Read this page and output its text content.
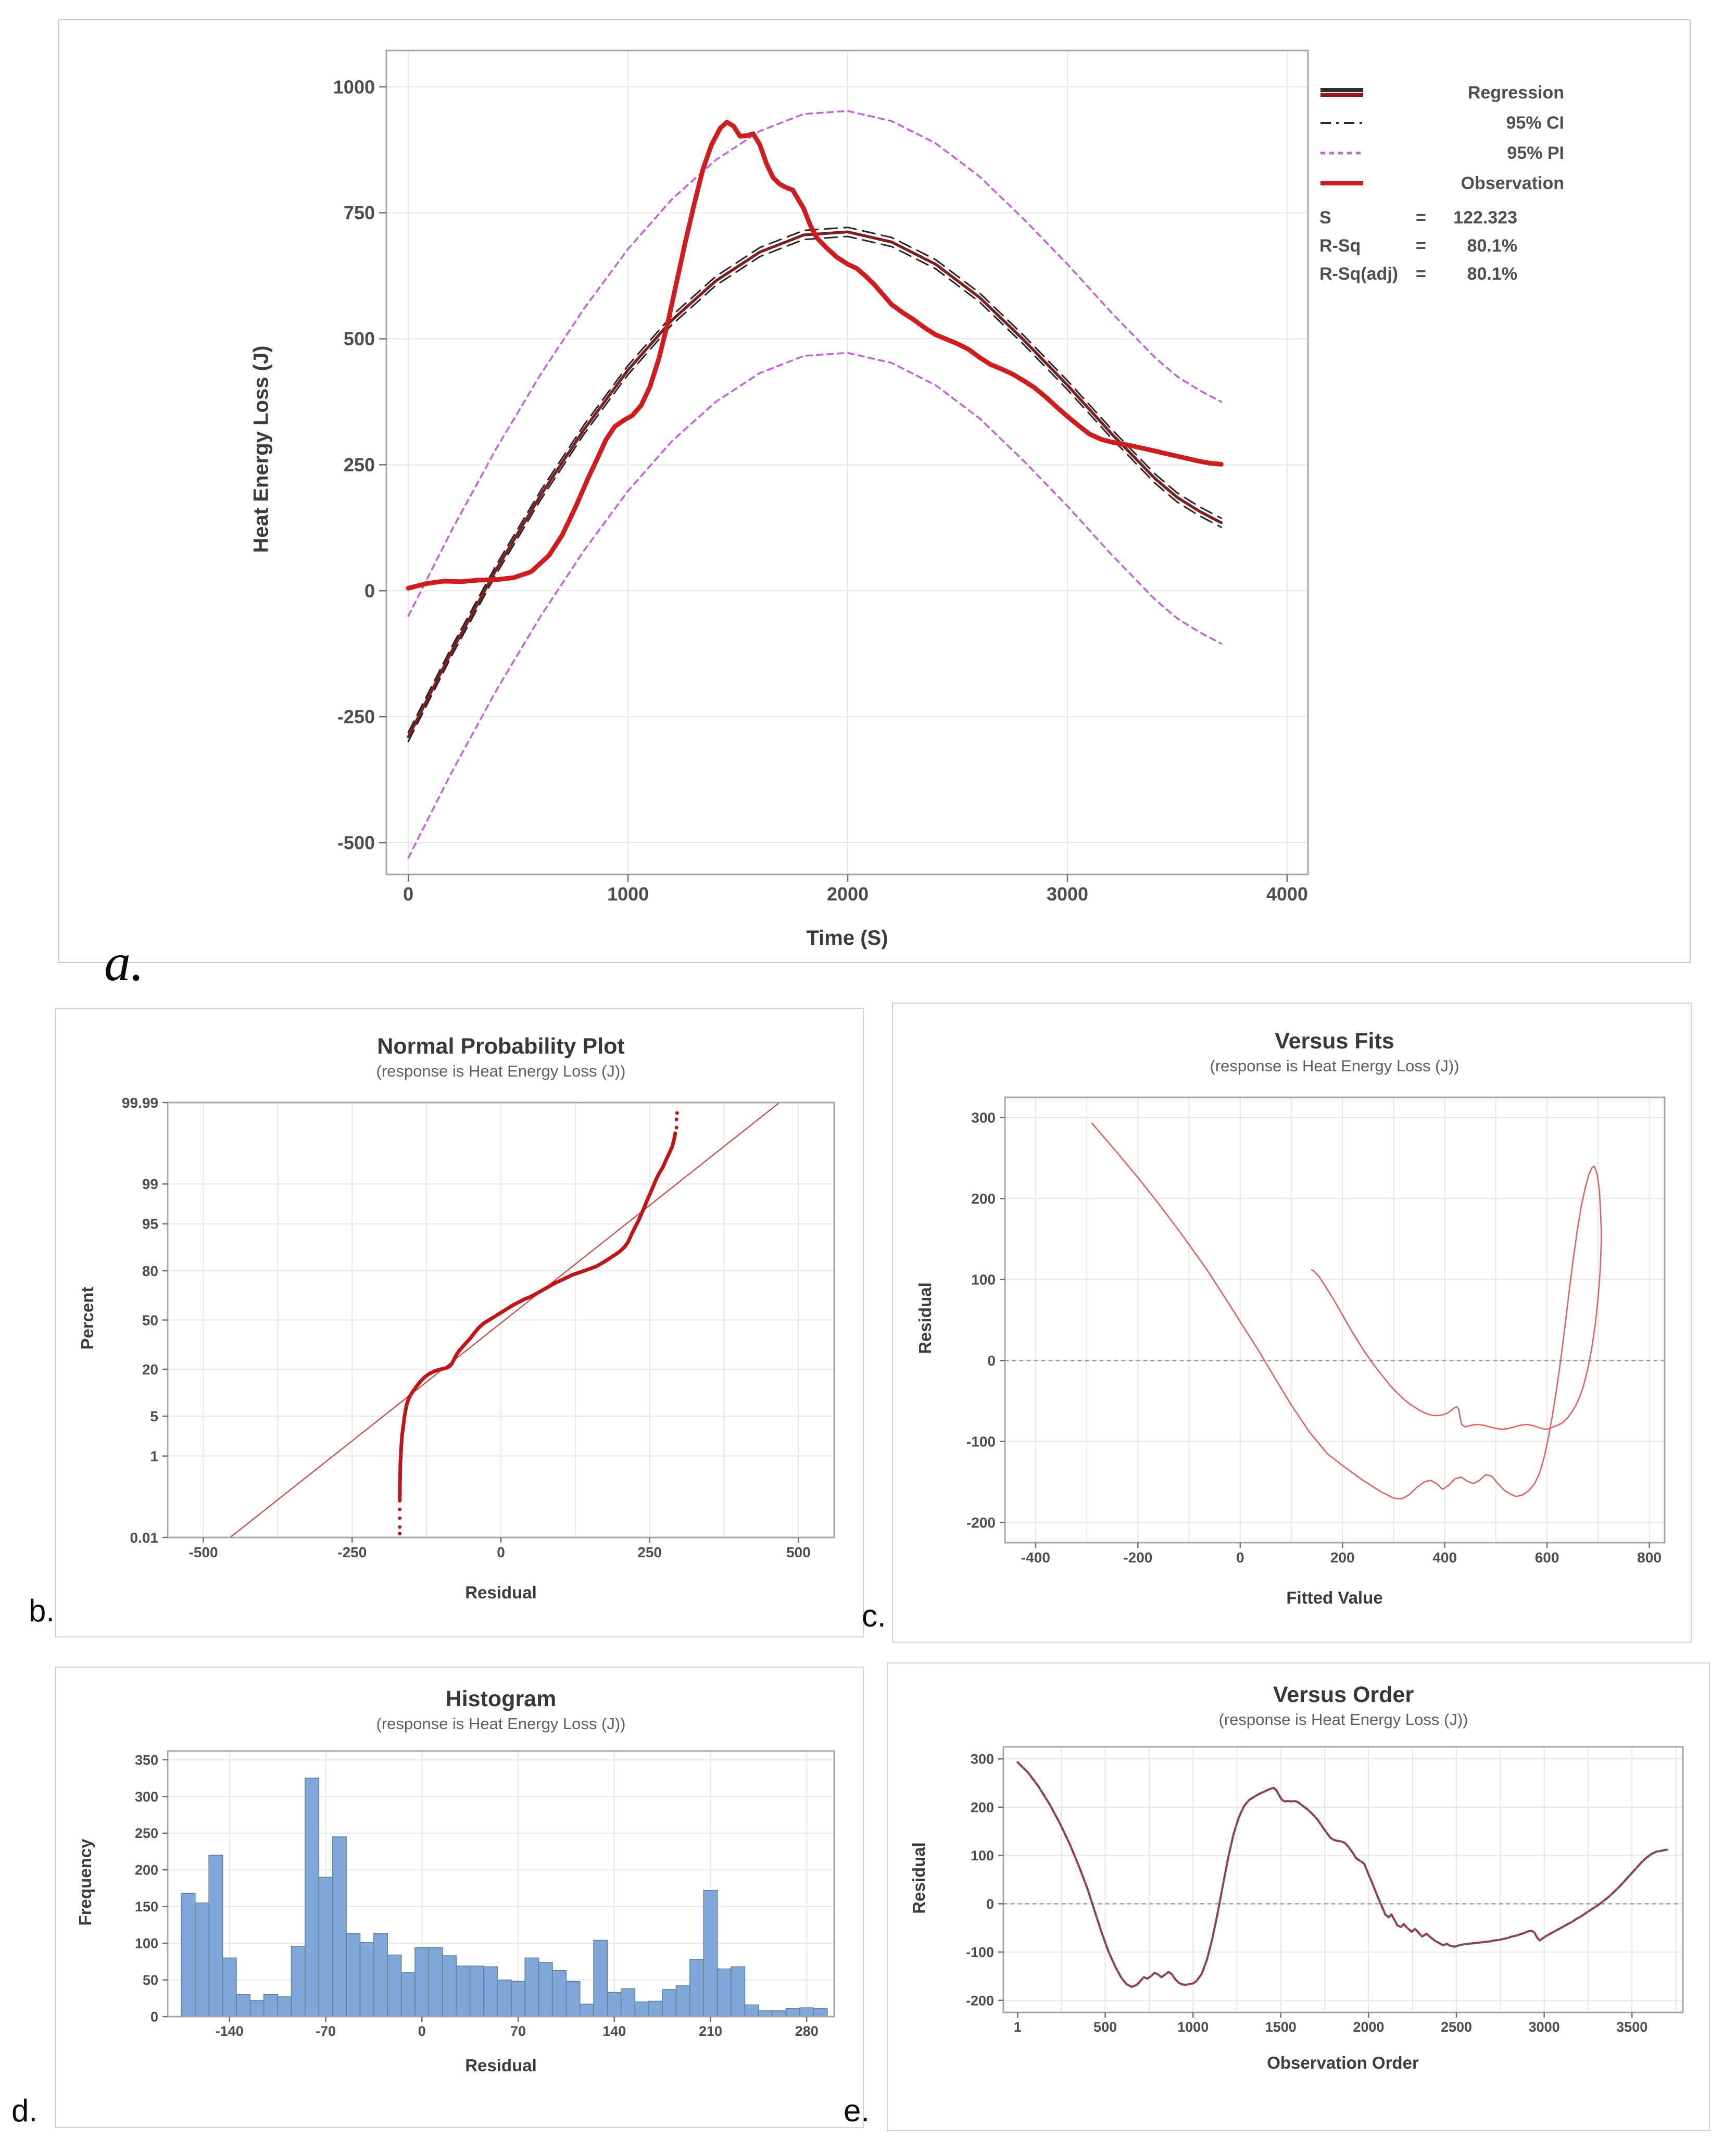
0	1000	2000	3000	4000
1000
750
500
250
0
-250
-500
Heat Energy Loss (J)
Time (S)
Regression
95% CI
95% PI
Observation
S	=	122.323
R-Sq	=	80.1%
R-Sq(adj) =	80.1%
Normal Probability Plot
(response is Heat Energy Loss (J))
-500	-250	0	250	500
99.99
99
95
80
50
20
5
1
0.01
Percent
Residual
Versus Fits
(response is Heat Energy Loss (J))
-400	-200	0	200	400	600	800
300
200
100
0
-100
-200
Residual
Fitted Value
Histogram
(response is Heat Energy Loss (J))
-140	-70	0	70	140	210	280
0
50
100
150
200
250
300
350
Frequency
Residual
Versus Order
(response is Heat Energy Loss (J))
1	500	1000	1500	2000	2500	3000	3500
300
200
100
0
-100
-200
Residual
Observation Order
a.
b.	c.
d.	e.
